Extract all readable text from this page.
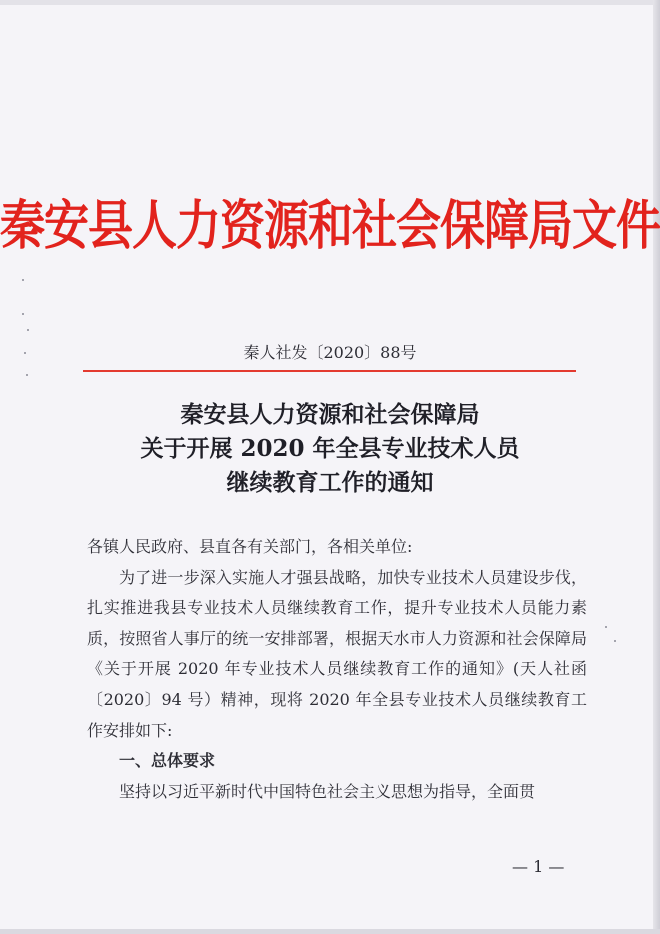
秦安县人力资源和社会保障局文件
秦人社发〔2020〕88号
秦安县人力资源和社会保障局
关于开展 2020 年全县专业技术人员
继续教育工作的通知

各镇人民政府、县直各有关部门，各相关单位:

为了进一步深入实施人才强县战略，加快专业技术人员建设步伐，扎实推进我县专业技术人员继续教育工作，提升专业技术人员能力素质，按照省人事厅的统一安排部署，根据天水市人力资源和社会保障局《关于开展 2020 年专业技术人员继续教育工作的通知》(天人社函〔2020〕94 号）精神，现将 2020 年全县专业技术人员继续教育工作安排如下:

一、总体要求

坚持以习近平新时代中国特色社会主义思想为指导，全面贯

— 1 —
